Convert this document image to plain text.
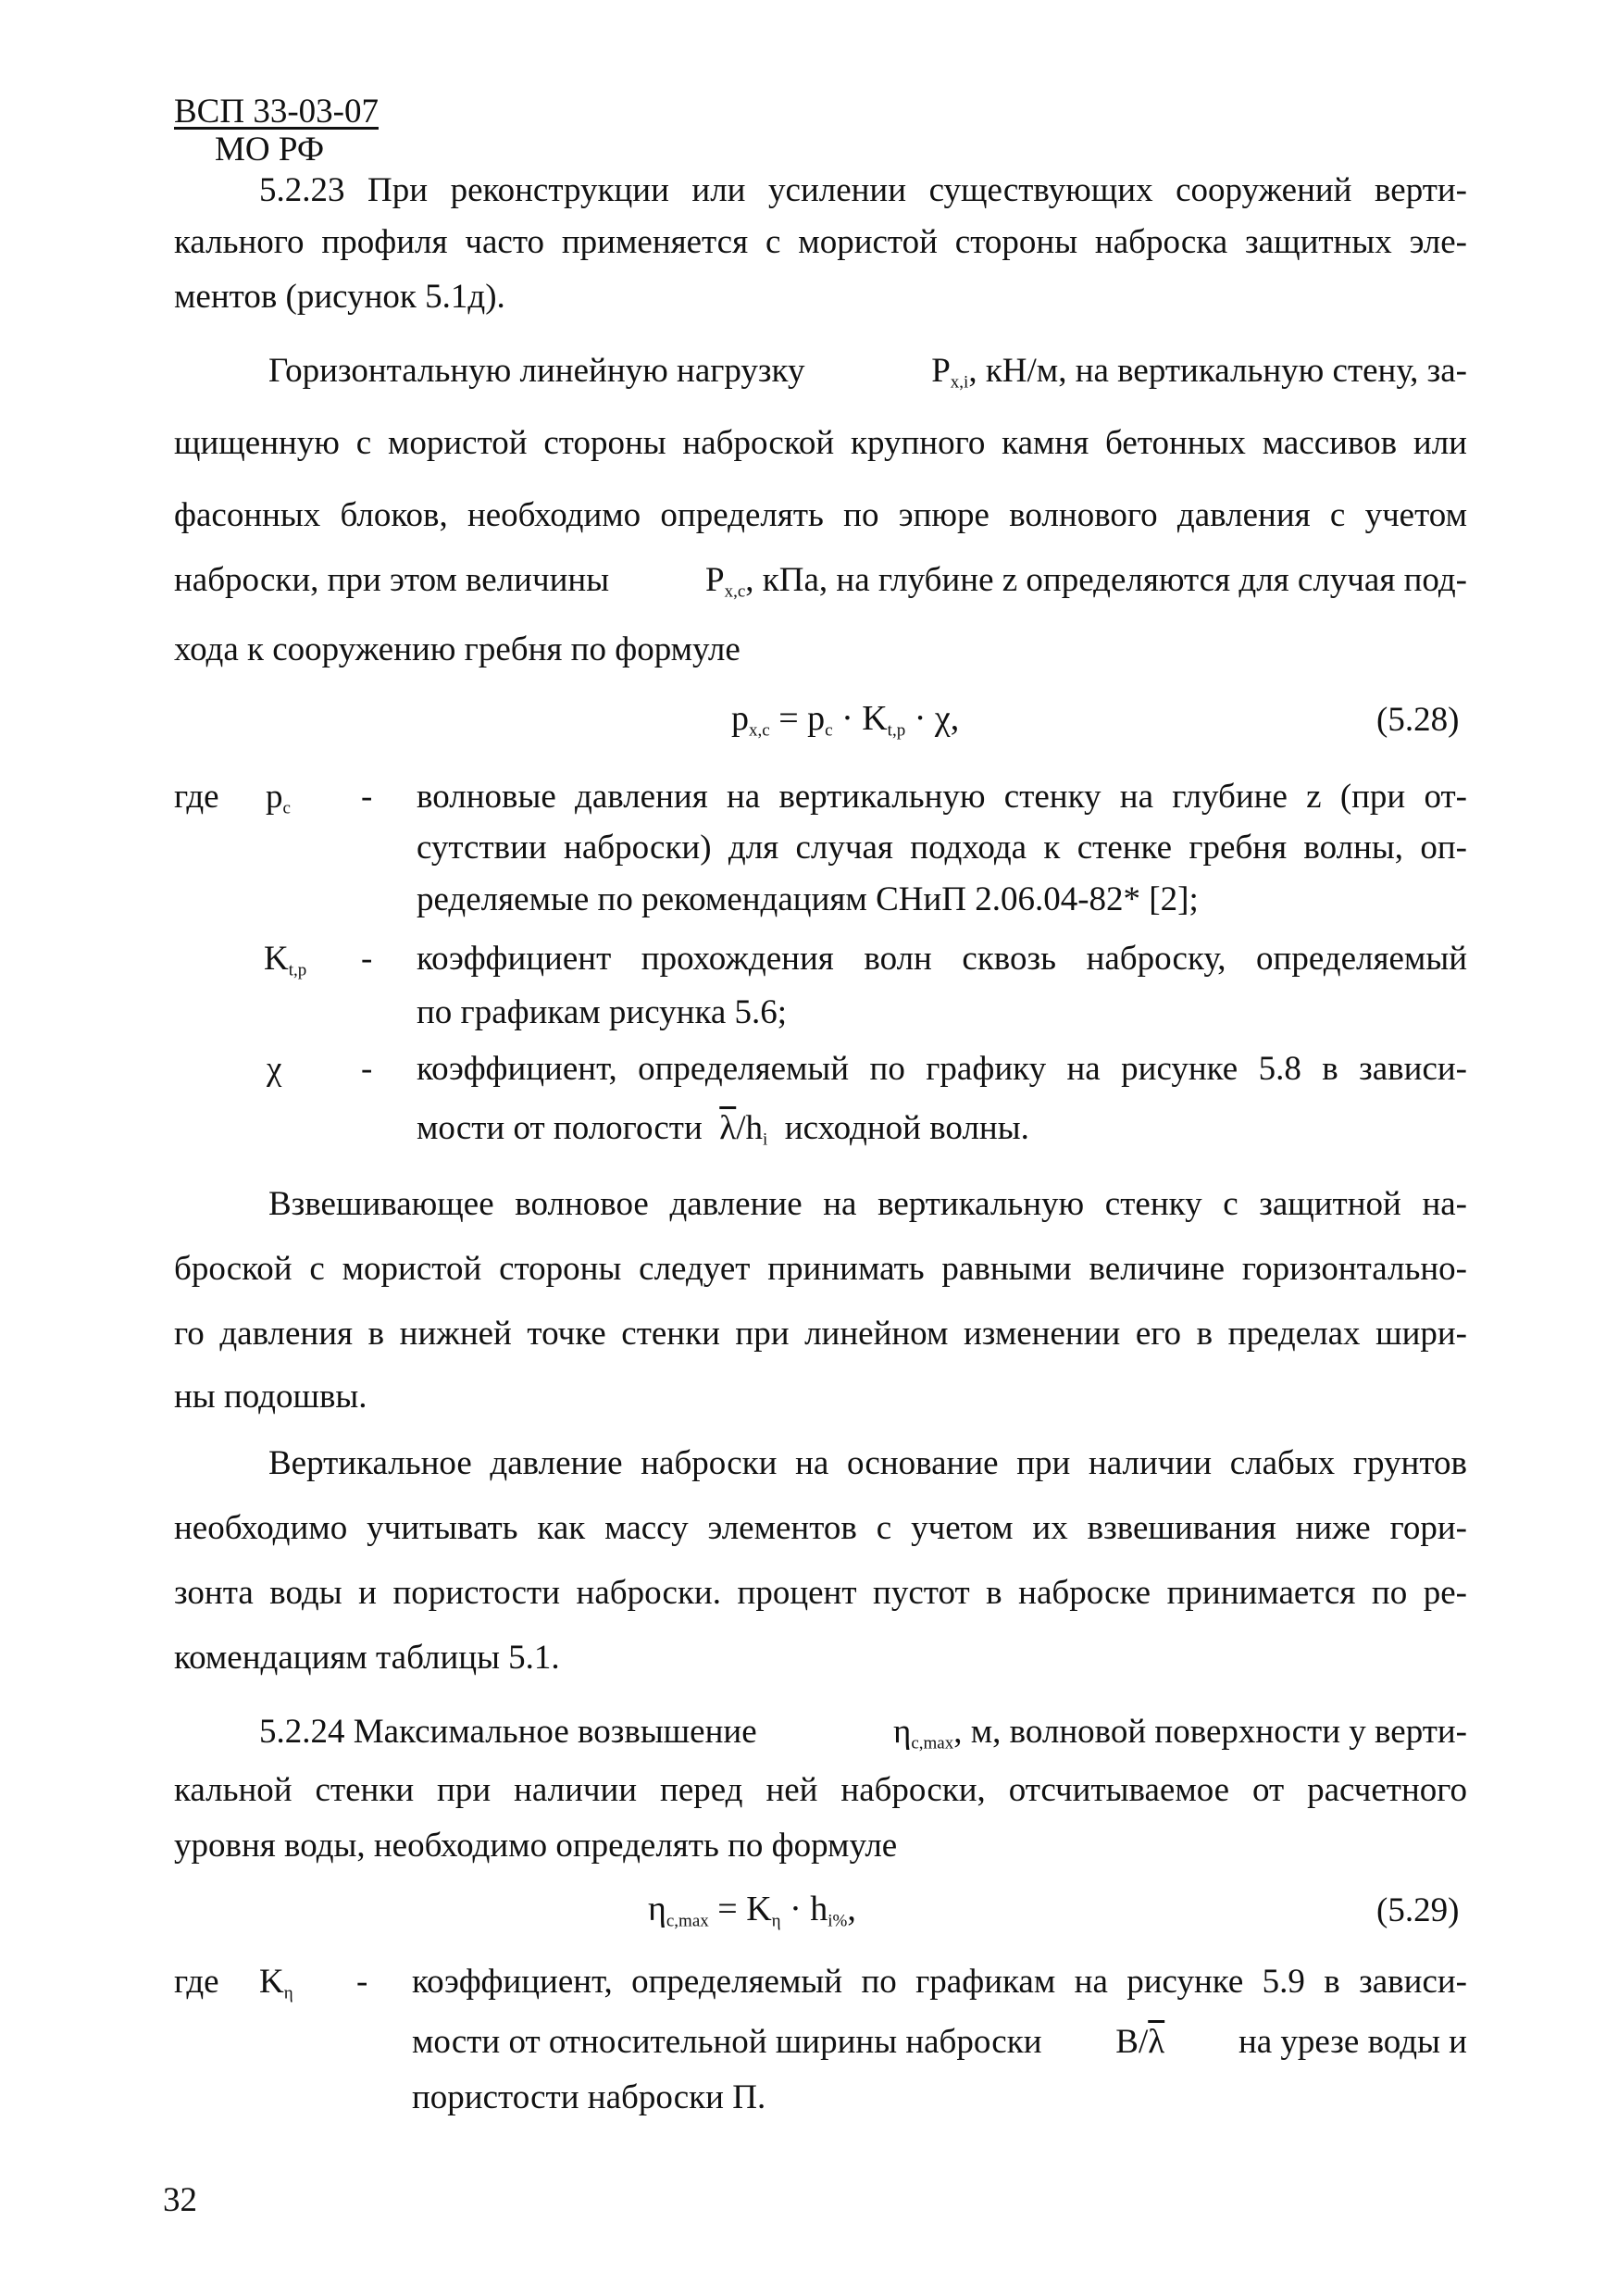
ВСП 33-03-07
МО РФ
5.2.23 При реконструкции или усилении существующих сооружений верти-
кального профиля часто применяется с мористой стороны наброска защитных эле-
ментов (рисунок 5.1д).
Горизонтальную линейную нагрузку	$P_{x,i}$, кН/м, на вертикальную стену, за-
щищенную с мористой стороны наброской крупного камня бетонных массивов или
фасонных блоков, необходимо определять по эпюре волнового давления с учетом
наброски, при этом величины	$P_{x,c}$, кПа, на глубине z определяются для случая под-
хода к сооружению гребня по формуле
$p_{x,c} = p_c \cdot K_{t,p} \cdot \chi$,	(5.28)
где $p_c$ - волновые давления на вертикальную стенку на глубине z (при от-
сутствии наброски) для случая подхода к стенке гребня волны, оп-
ределяемые по рекомендациям СНиП 2.06.04-82* [2];
$K_{t,p}$ - коэффициент прохождения волн сквозь наброску, определяемый
по графикам рисунка 5.6;
χ - коэффициент, определяемый по графику на рисунке 5.8 в зависи-
мости от пологости $\overline{\lambda}/h_i$ исходной волны.
Взвешивающее волновое давление на вертикальную стенку с защитной на-
броской с мористой стороны следует принимать равными величине горизонтально-
го давления в нижней точке стенки при линейном изменении его в пределах шири-
ны подошвы.
Вертикальное давление наброски на основание при наличии слабых грунтов
необходимо учитывать как массу элементов с учетом их взвешивания ниже гори-
зонта воды и пористости наброски. процент пустот в наброске принимается по ре-
комендациям таблицы 5.1.
5.2.24 Максимальное возвышение	$\eta_{c,max}$, м, волновой поверхности у верти-
кальной стенки при наличии перед ней наброски, отсчитываемое от расчетного
уровня воды, необходимо определять по формуле
$\eta_{c,max} = K_\eta \cdot h_{i\%}$,	(5.29)
где $K_\eta$ - коэффициент, определяемый по графикам на рисунке 5.9 в зависи-
мости от относительной ширины наброски $B/\overline{\lambda}$ на урезе воды и
пористости наброски П.
32
